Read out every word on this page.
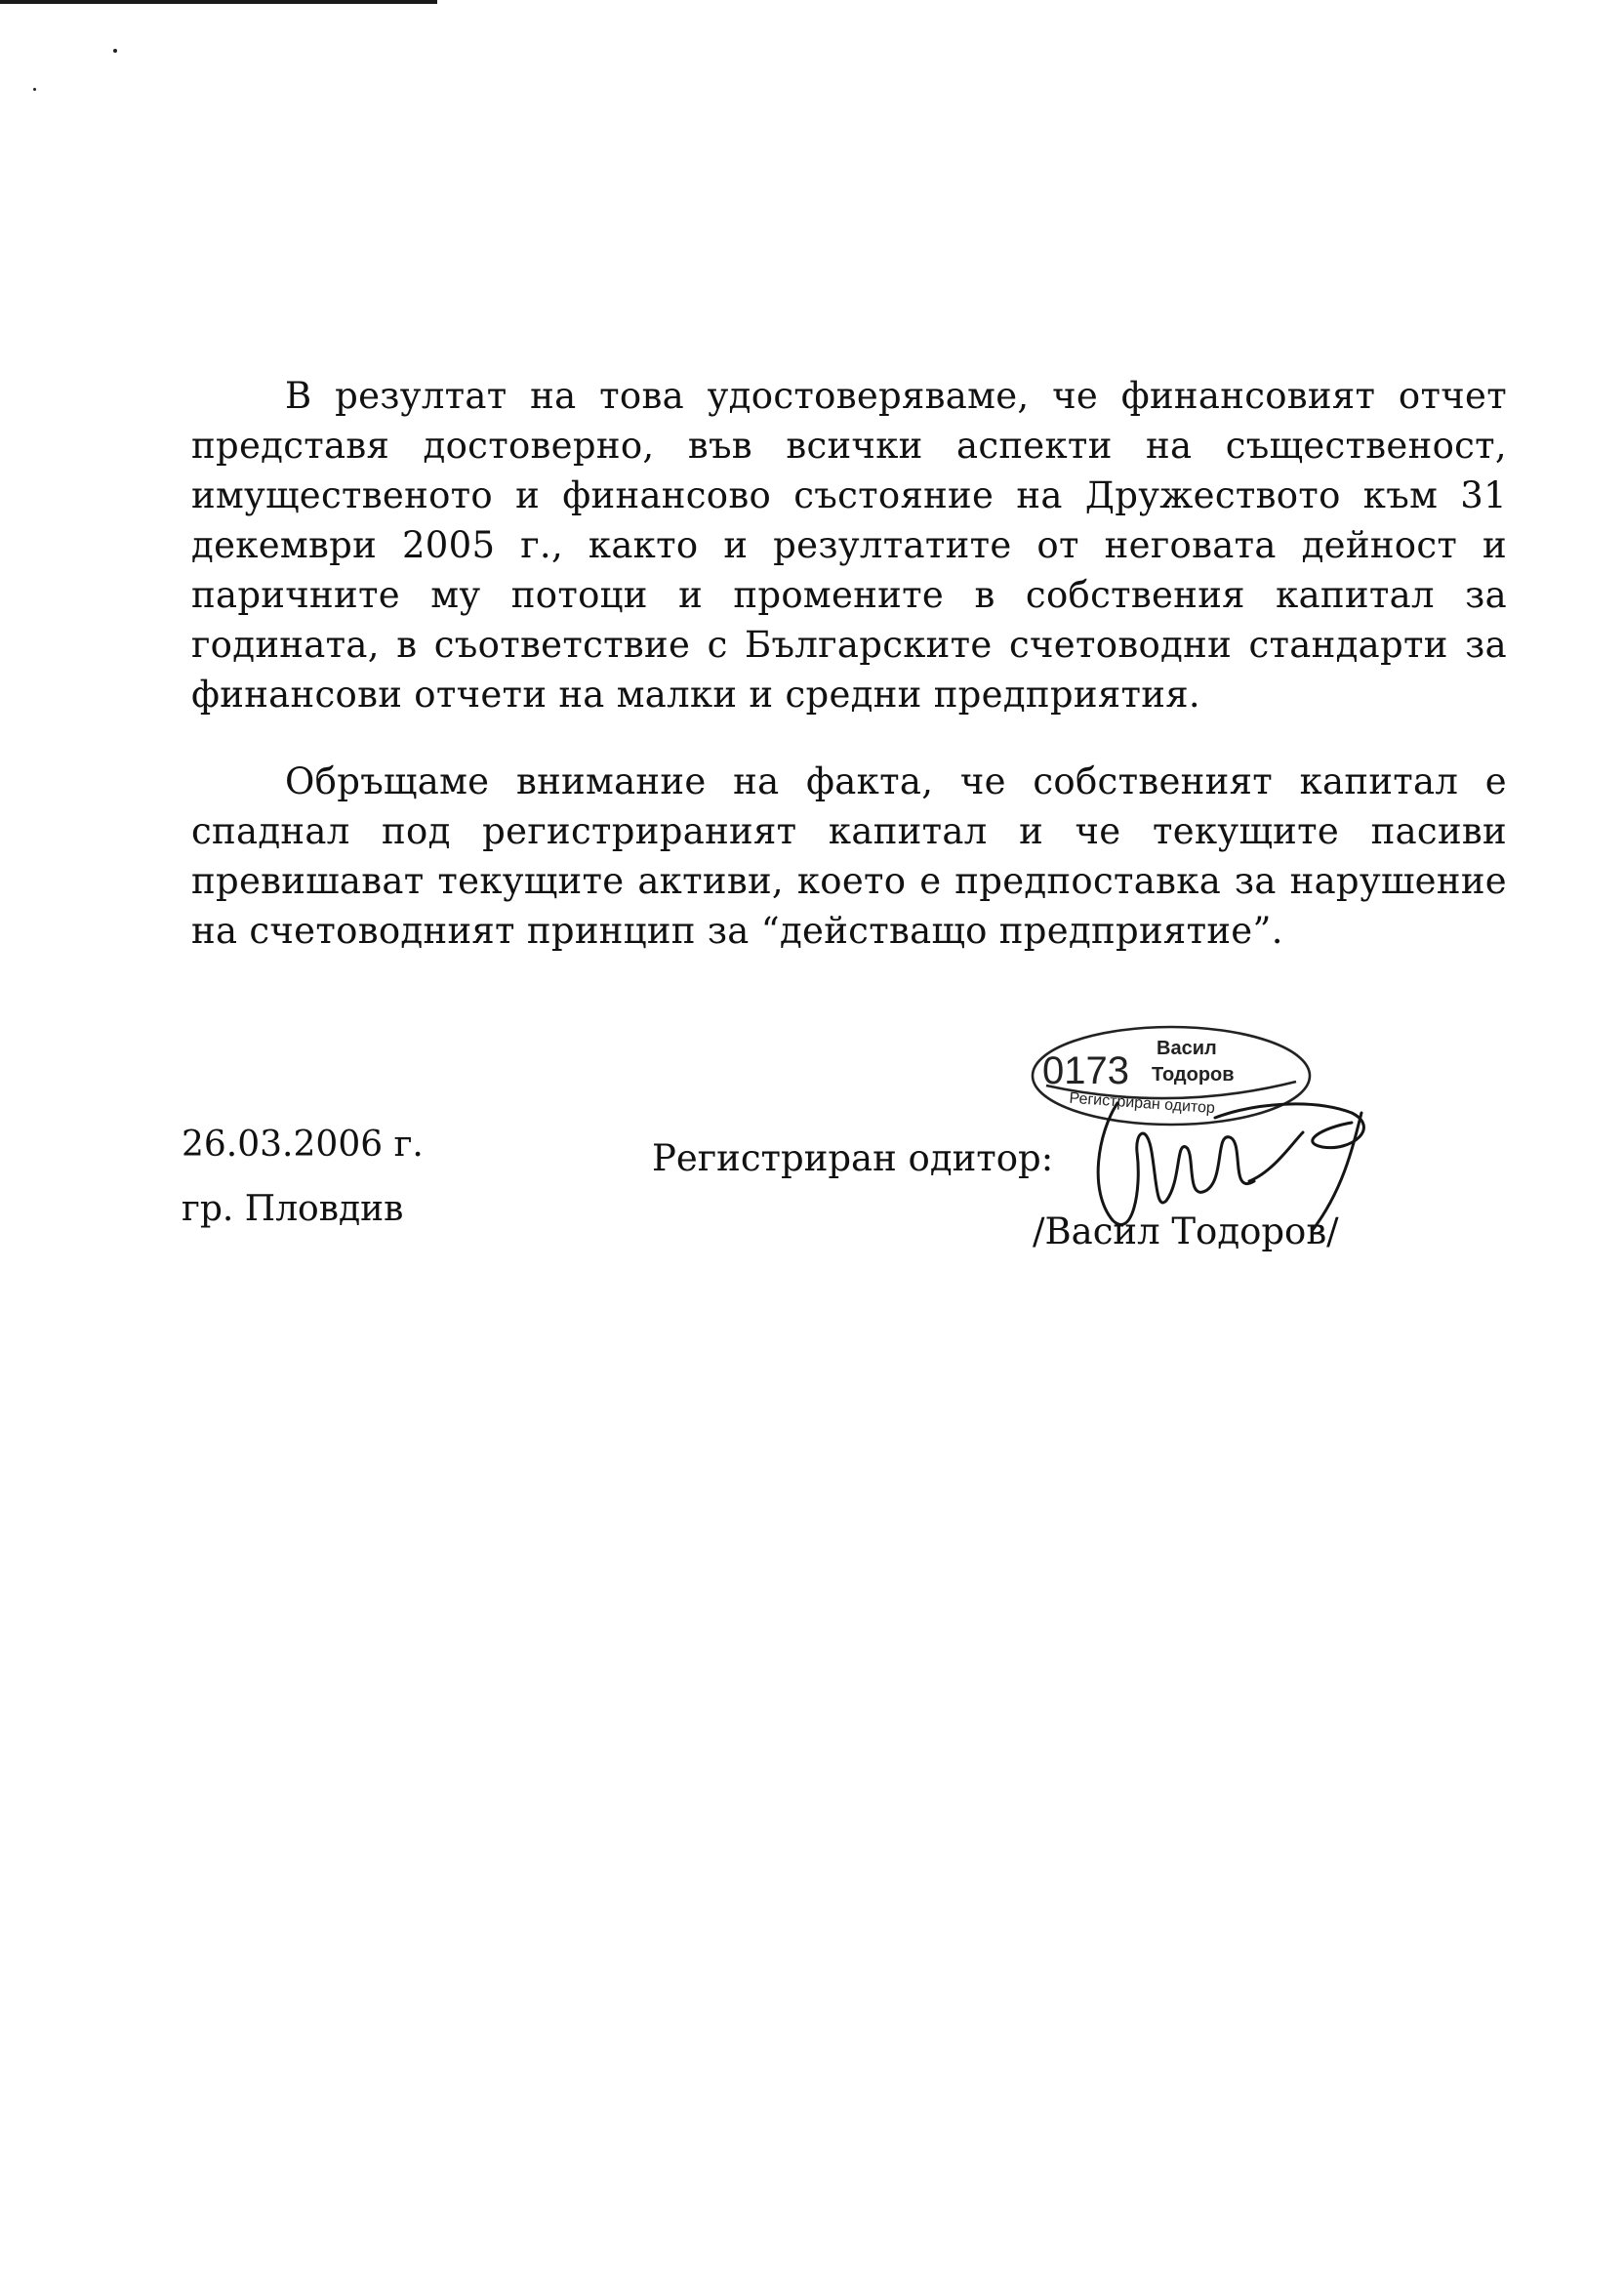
В резултат на това удостоверяваме, че финансовият отчет представя достоверно, във всички аспекти на същественост, имущественото и финансово състояние на Дружеството към 31 декември 2005 г., както и резултатите от неговата дейност и паричните му потоци и промените в собствения капитал за годината, в съответствие с Българските счетоводни стандарти за финансови отчети на малки и средни предприятия.

Обръщаме внимание на факта, че собственият капитал е спаднал под регистрираният капитал и че текущите пасиви превишават текущите активи, което е предпоставка за нарушение на счетоводният принцип за “действащо предприятие”.

26.03.2006 г.
гр. Пловдив
Регистриран одитор:
0173
Васил
Тодоров
Регистриран одитор
/Васил Тодоров/
